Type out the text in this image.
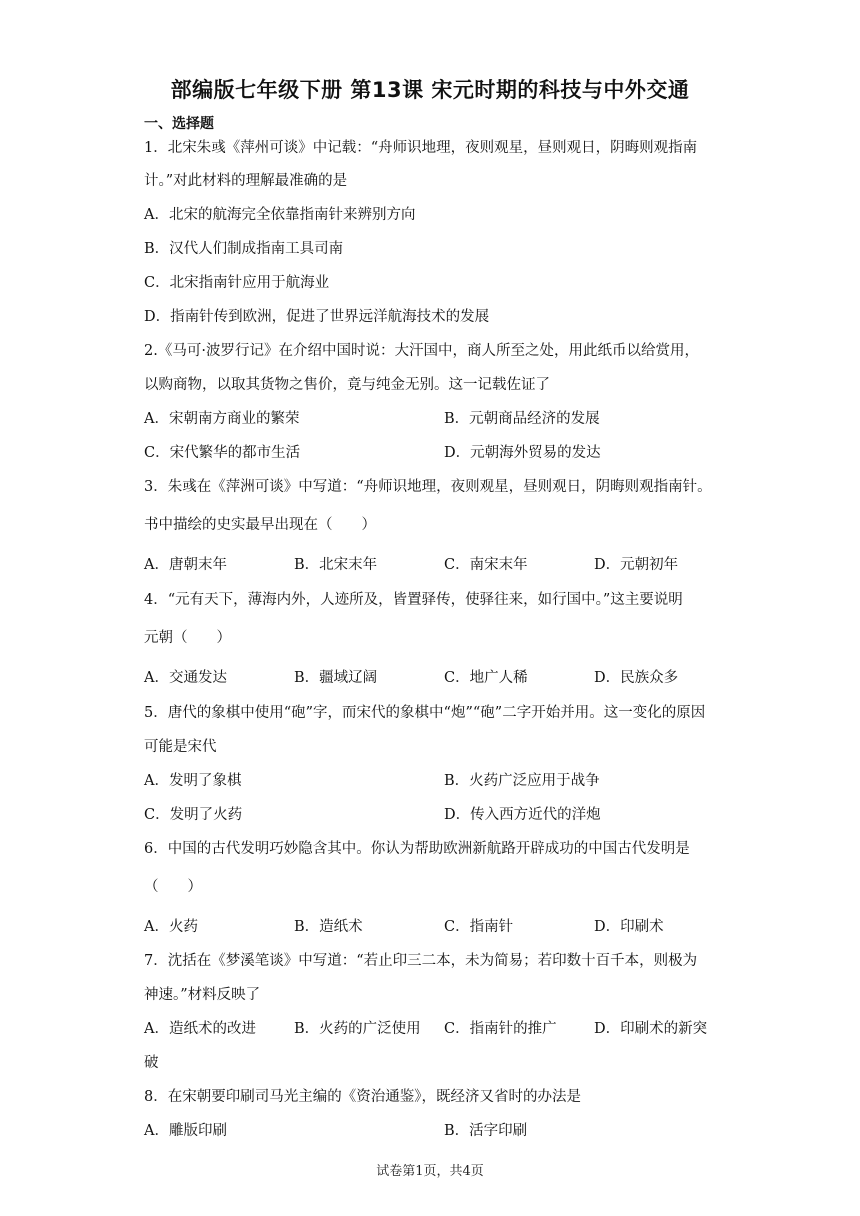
部编版七年级下册 第13课 宋元时期的科技与中外交通
一、选择题
1．北宋朱彧《萍州可谈》中记载：“舟师识地理，夜则观星，昼则观日，阴晦则观指南
计。”对此材料的理解最准确的是
A．北宋的航海完全依靠指南针来辨别方向
B．汉代人们制成指南工具司南
C．北宋指南针应用于航海业
D．指南针传到欧洲，促进了世界远洋航海技术的发展
2.《马可·波罗行记》在介绍中国时说：大汗国中，商人所至之处，用此纸币以给赏用，
以购商物，以取其货物之售价，竟与纯金无别。这一记载佐证了
A．宋朝南方商业的繁荣	B．元朝商品经济的发展
C．宋代繁华的都市生活	D．元朝海外贸易的发达
3．朱彧在《萍洲可谈》中写道：“舟师识地理，夜则观星，昼则观日，阴晦则观指南针。
书中描绘的史实最早出现在（　　）
A．唐朝末年	B．北宋末年	C．南宋末年	D．元朝初年
4．“元有天下，薄海内外，人迹所及，皆置驿传，使驿往来，如行国中。”这主要说明
元朝（　　）
A．交通发达	B．疆域辽阔	C．地广人稀	D．民族众多
5．唐代的象棋中使用“砲”字，而宋代的象棋中“炮”“砲”二字开始并用。这一变化的原因
可能是宋代
A．发明了象棋	B．火药广泛应用于战争
C．发明了火药	D．传入西方近代的洋炮
6．中国的古代发明巧妙隐含其中。你认为帮助欧洲新航路开辟成功的中国古代发明是
（　　）
A．火药	B．造纸术	C．指南针	D．印刷术
7．沈括在《梦溪笔谈》中写道：“若止印三二本，未为简易；若印数十百千本，则极为
神速。”材料反映了
A．造纸术的改进	B．火药的广泛使用 C．指南针的推广	D．印刷术的新突
破
8．在宋朝要印刷司马光主编的《资治通鉴》，既经济又省时的办法是
A．雕版印刷	B．活字印刷
试卷第1页，共4页
